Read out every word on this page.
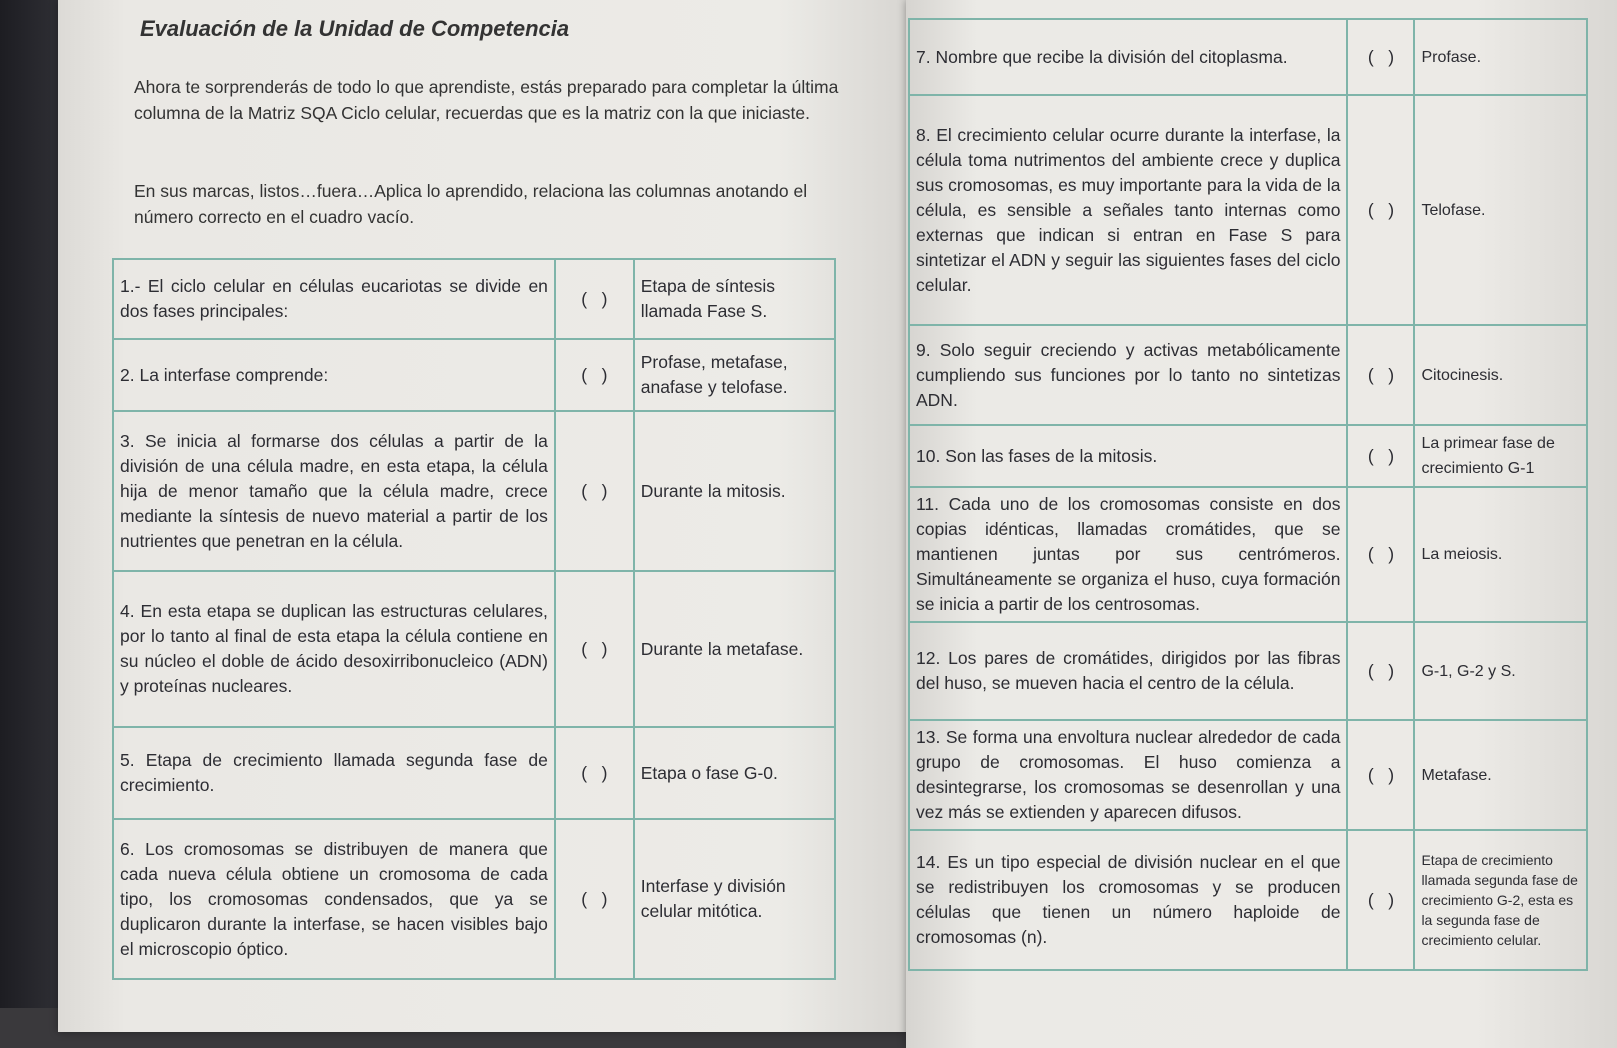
Evaluación de la Unidad de Competencia
Ahora te sorprenderás de todo lo que aprendiste, estás preparado para completar la última columna de la Matriz SQA Ciclo celular, recuerdas que es la matriz con la que iniciaste.
En sus marcas, listos…fuera…Aplica lo aprendido, relaciona las columnas anotando el número correcto en el cuadro vacío.
1.- El ciclo celular en células eucariotas se divide en dos fases principales:	(   )	Etapa de síntesis llamada Fase S.
2. La interfase comprende:	(   )	Profase, metafase, anafase y telofase.
3. Se inicia al formarse dos células a partir de la división de una célula madre, en esta etapa, la célula hija de menor tamaño que la célula madre, crece mediante la síntesis de nuevo material a partir de los nutrientes que penetran en la célula.	(   )	Durante la mitosis.
4. En esta etapa se duplican las estructuras celulares, por lo tanto al final de esta etapa la célula contiene en su núcleo el doble de ácido desoxirribonucleico (ADN) y proteínas nucleares.	(   )	Durante la metafase.
5. Etapa de crecimiento llamada segunda fase de crecimiento.	(   )	Etapa o fase G-0.
6. Los cromosomas se distribuyen de manera que cada nueva célula obtiene un cromosoma de cada tipo, los cromosomas condensados, que ya se duplicaron durante la interfase, se hacen visibles bajo el microscopio óptico.	(   )	Interfase y división celular mitótica.
7. Nombre que recibe la división del citoplasma.	(   )	Profase.
8. El crecimiento celular ocurre durante la interfase, la célula toma nutrimentos del ambiente crece y duplica sus cromosomas, es muy importante para la vida de la célula, es sensible a señales tanto internas como externas que indican si entran en Fase S para sintetizar el ADN y seguir las siguientes fases del ciclo celular.	(   )	Telofase.
9. Solo seguir creciendo y activas metabólicamente cumpliendo sus funciones por lo tanto no sintetizas ADN.	(   )	Citocinesis.
10. Son las fases de la mitosis.	(   )	La primear fase de crecimiento G-1
11. Cada uno de los cromosomas consiste en dos copias idénticas, llamadas cromátides, que se mantienen juntas por sus centrómeros. Simultáneamente se organiza el huso, cuya formación se inicia a partir de los centrosomas.	(   )	La meiosis.
12. Los pares de cromátides, dirigidos por las fibras del huso, se mueven hacia el centro de la célula.	(   )	G-1, G-2 y S.
13. Se forma una envoltura nuclear alrededor de cada grupo de cromosomas. El huso comienza a desintegrarse, los cromosomas se desenrollan y una vez más se extienden y aparecen difusos.	(   )	Metafase.
14. Es un tipo especial de división nuclear en el que se redistribuyen los cromosomas y se producen células que tienen un número haploide de cromosomas (n).	(   )	Etapa de crecimiento llamada segunda fase de crecimiento G-2, esta es la segunda fase de crecimiento celular.
